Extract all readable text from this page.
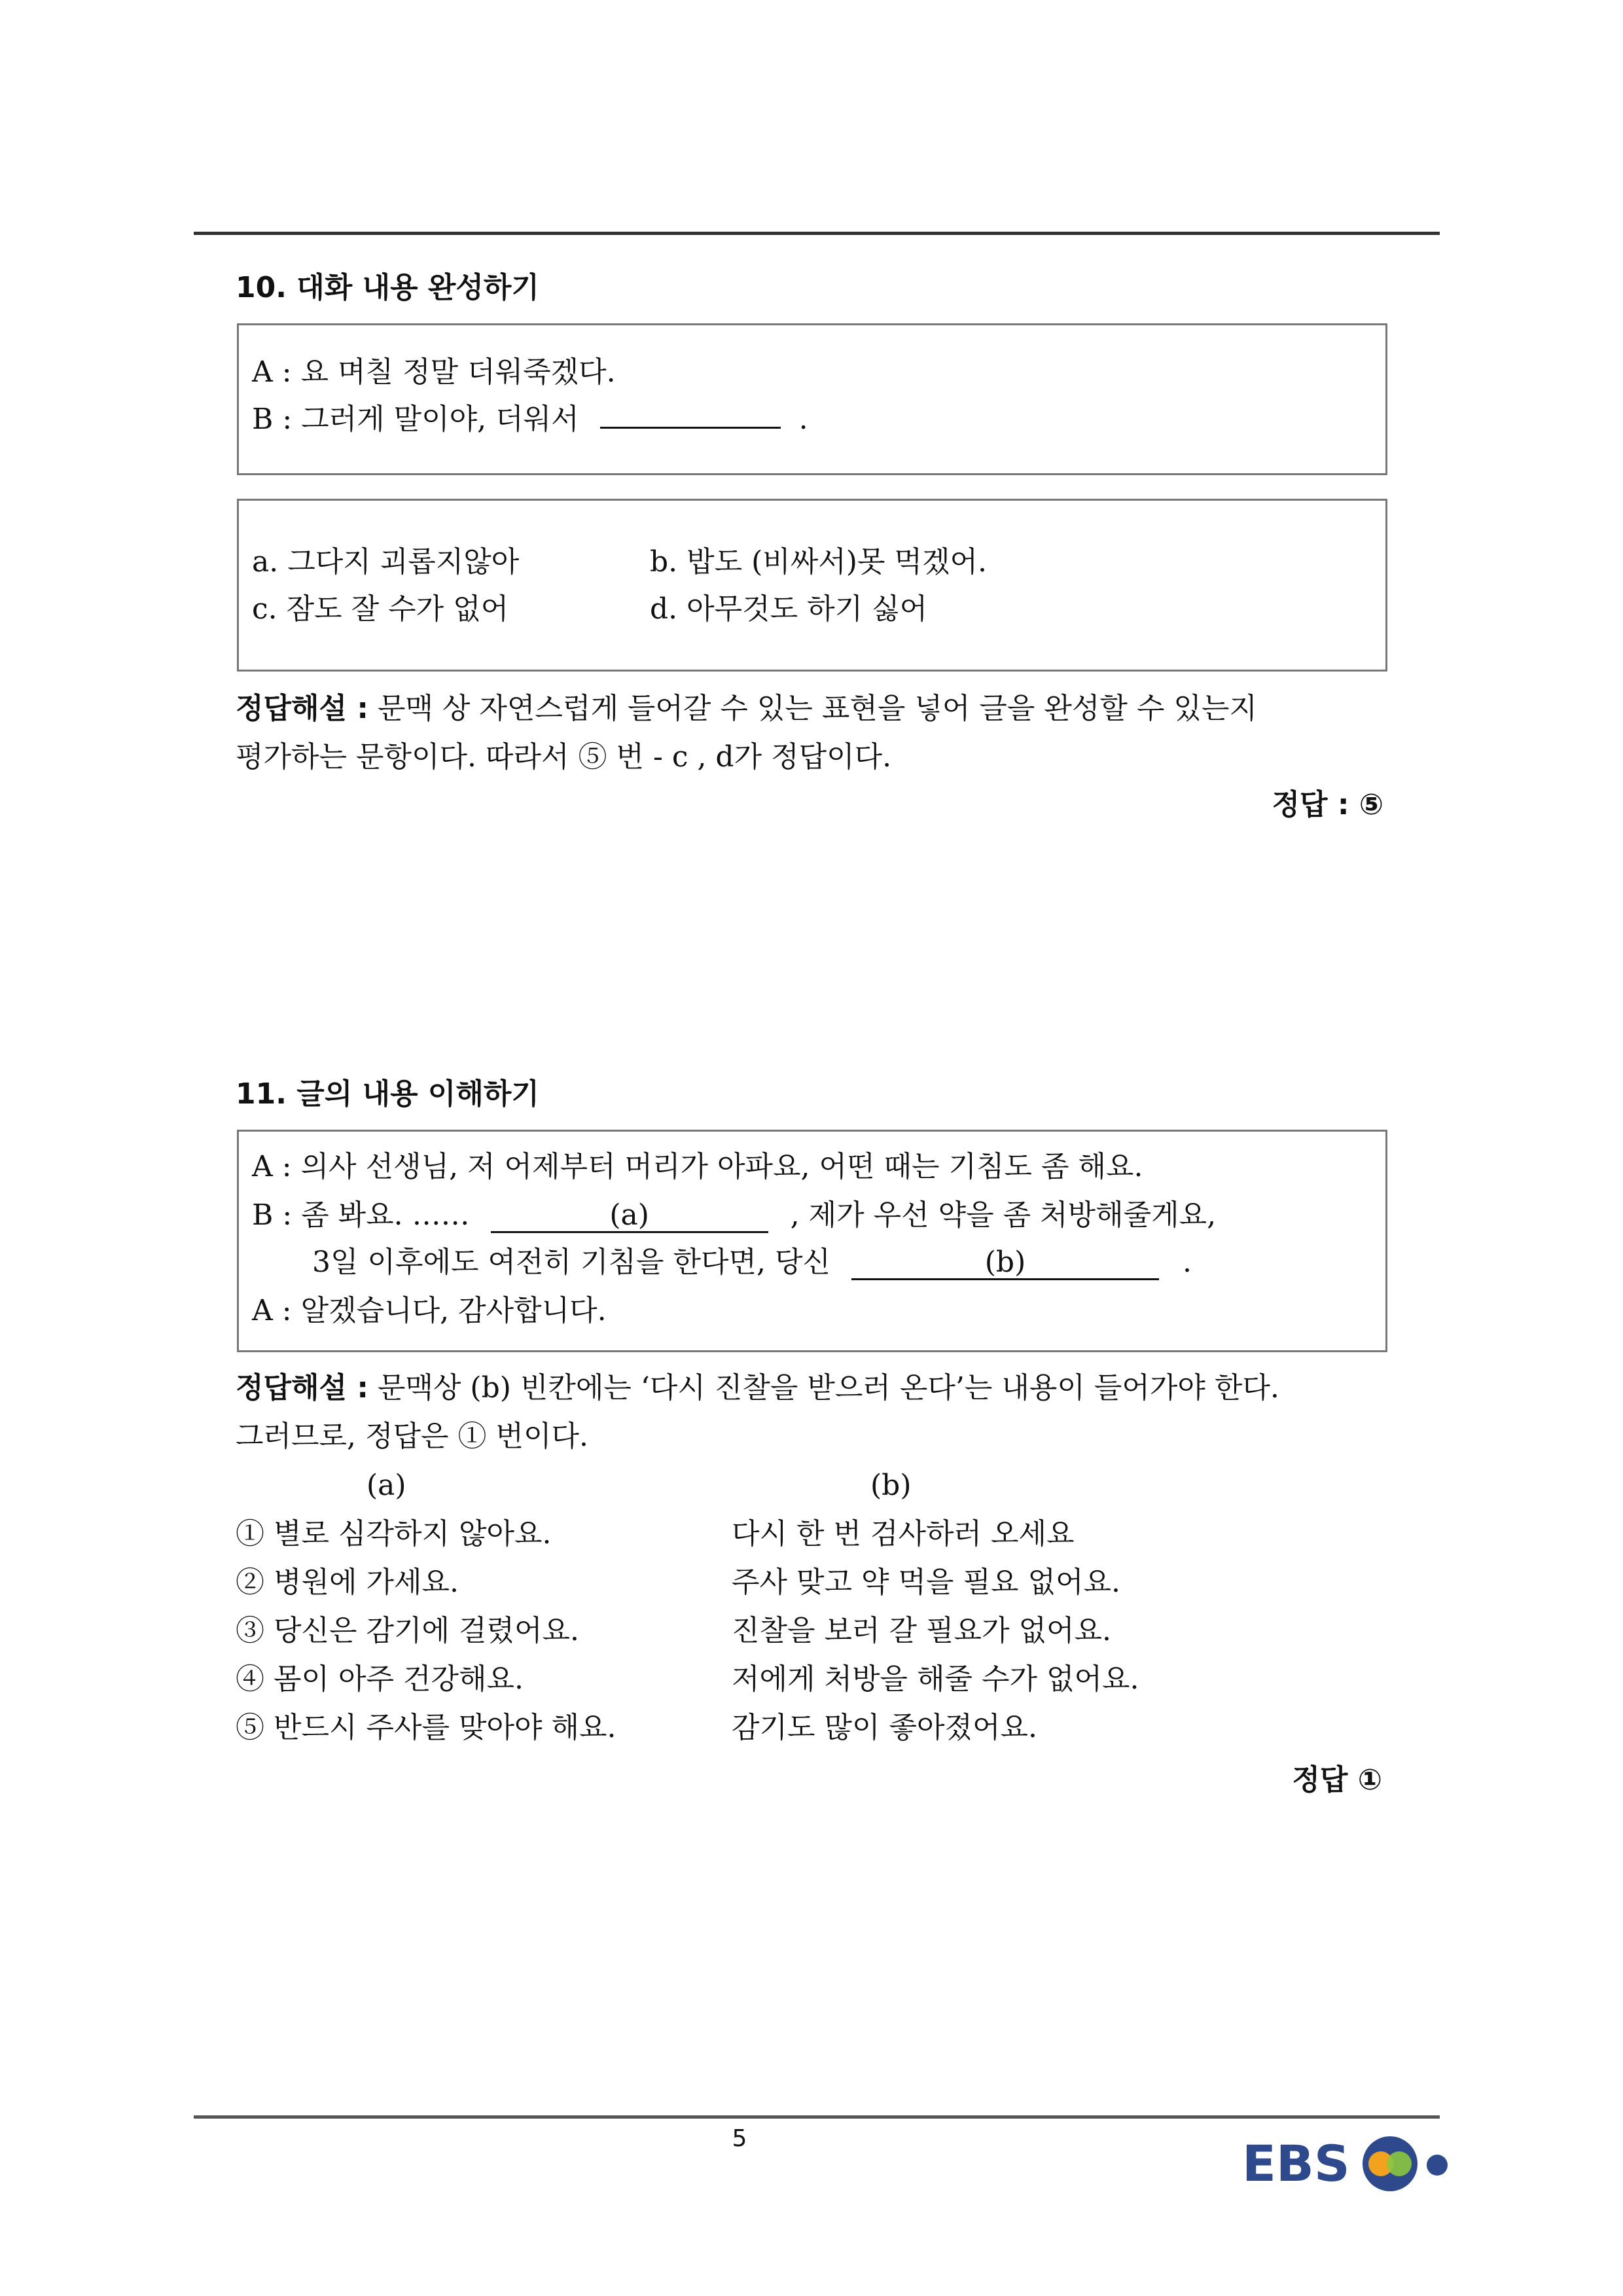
10. 대화 내용 완성하기
A : 요 며칠 정말 더워죽겠다.
B : 그러게 말이야, 더워서	.
a. 그다지 괴롭지않아	b. 밥도 (비싸서)못 먹겠어.
c. 잠도 잘 수가 없어	d. 아무것도 하기 싫어
정답해설 : 문맥 상 자연스럽게 들어갈 수 있는 표현을 넣어 글을 완성할 수 있는지
평가하는 문항이다. 따라서 ⑤ 번 - c , d가 정답이다.
정답 : ⑤
11. 글의 내용 이해하기
A : 의사 선생님, 저 어제부터 머리가 아파요, 어떤 때는 기침도 좀 해요.
B : 좀 봐요. ……	(a)	, 제가 우선 약을 좀 처방해줄게요,
3일 이후에도 여전히 기침을 한다면, 당신	(b)	.
A : 알겠습니다, 감사합니다.
정답해설 : 문맥상 (b) 빈칸에는 ‘다시 진찰을 받으러 온다’는 내용이 들어가야 한다.
그러므로, 정답은 ① 번이다.
(a)	(b)
① 별로 심각하지 않아요.	다시 한 번 검사하러 오세요
② 병원에 가세요.	주사 맞고 약 먹을 필요 없어요.
③ 당신은 감기에 걸렸어요.	진찰을 보러 갈 필요가 없어요.
④ 몸이 아주 건강해요.	저에게 처방을 해줄 수가 없어요.
⑤ 반드시 주사를 맞아야 해요.	감기도 많이 좋아졌어요.
정답 ①
5	EBS
